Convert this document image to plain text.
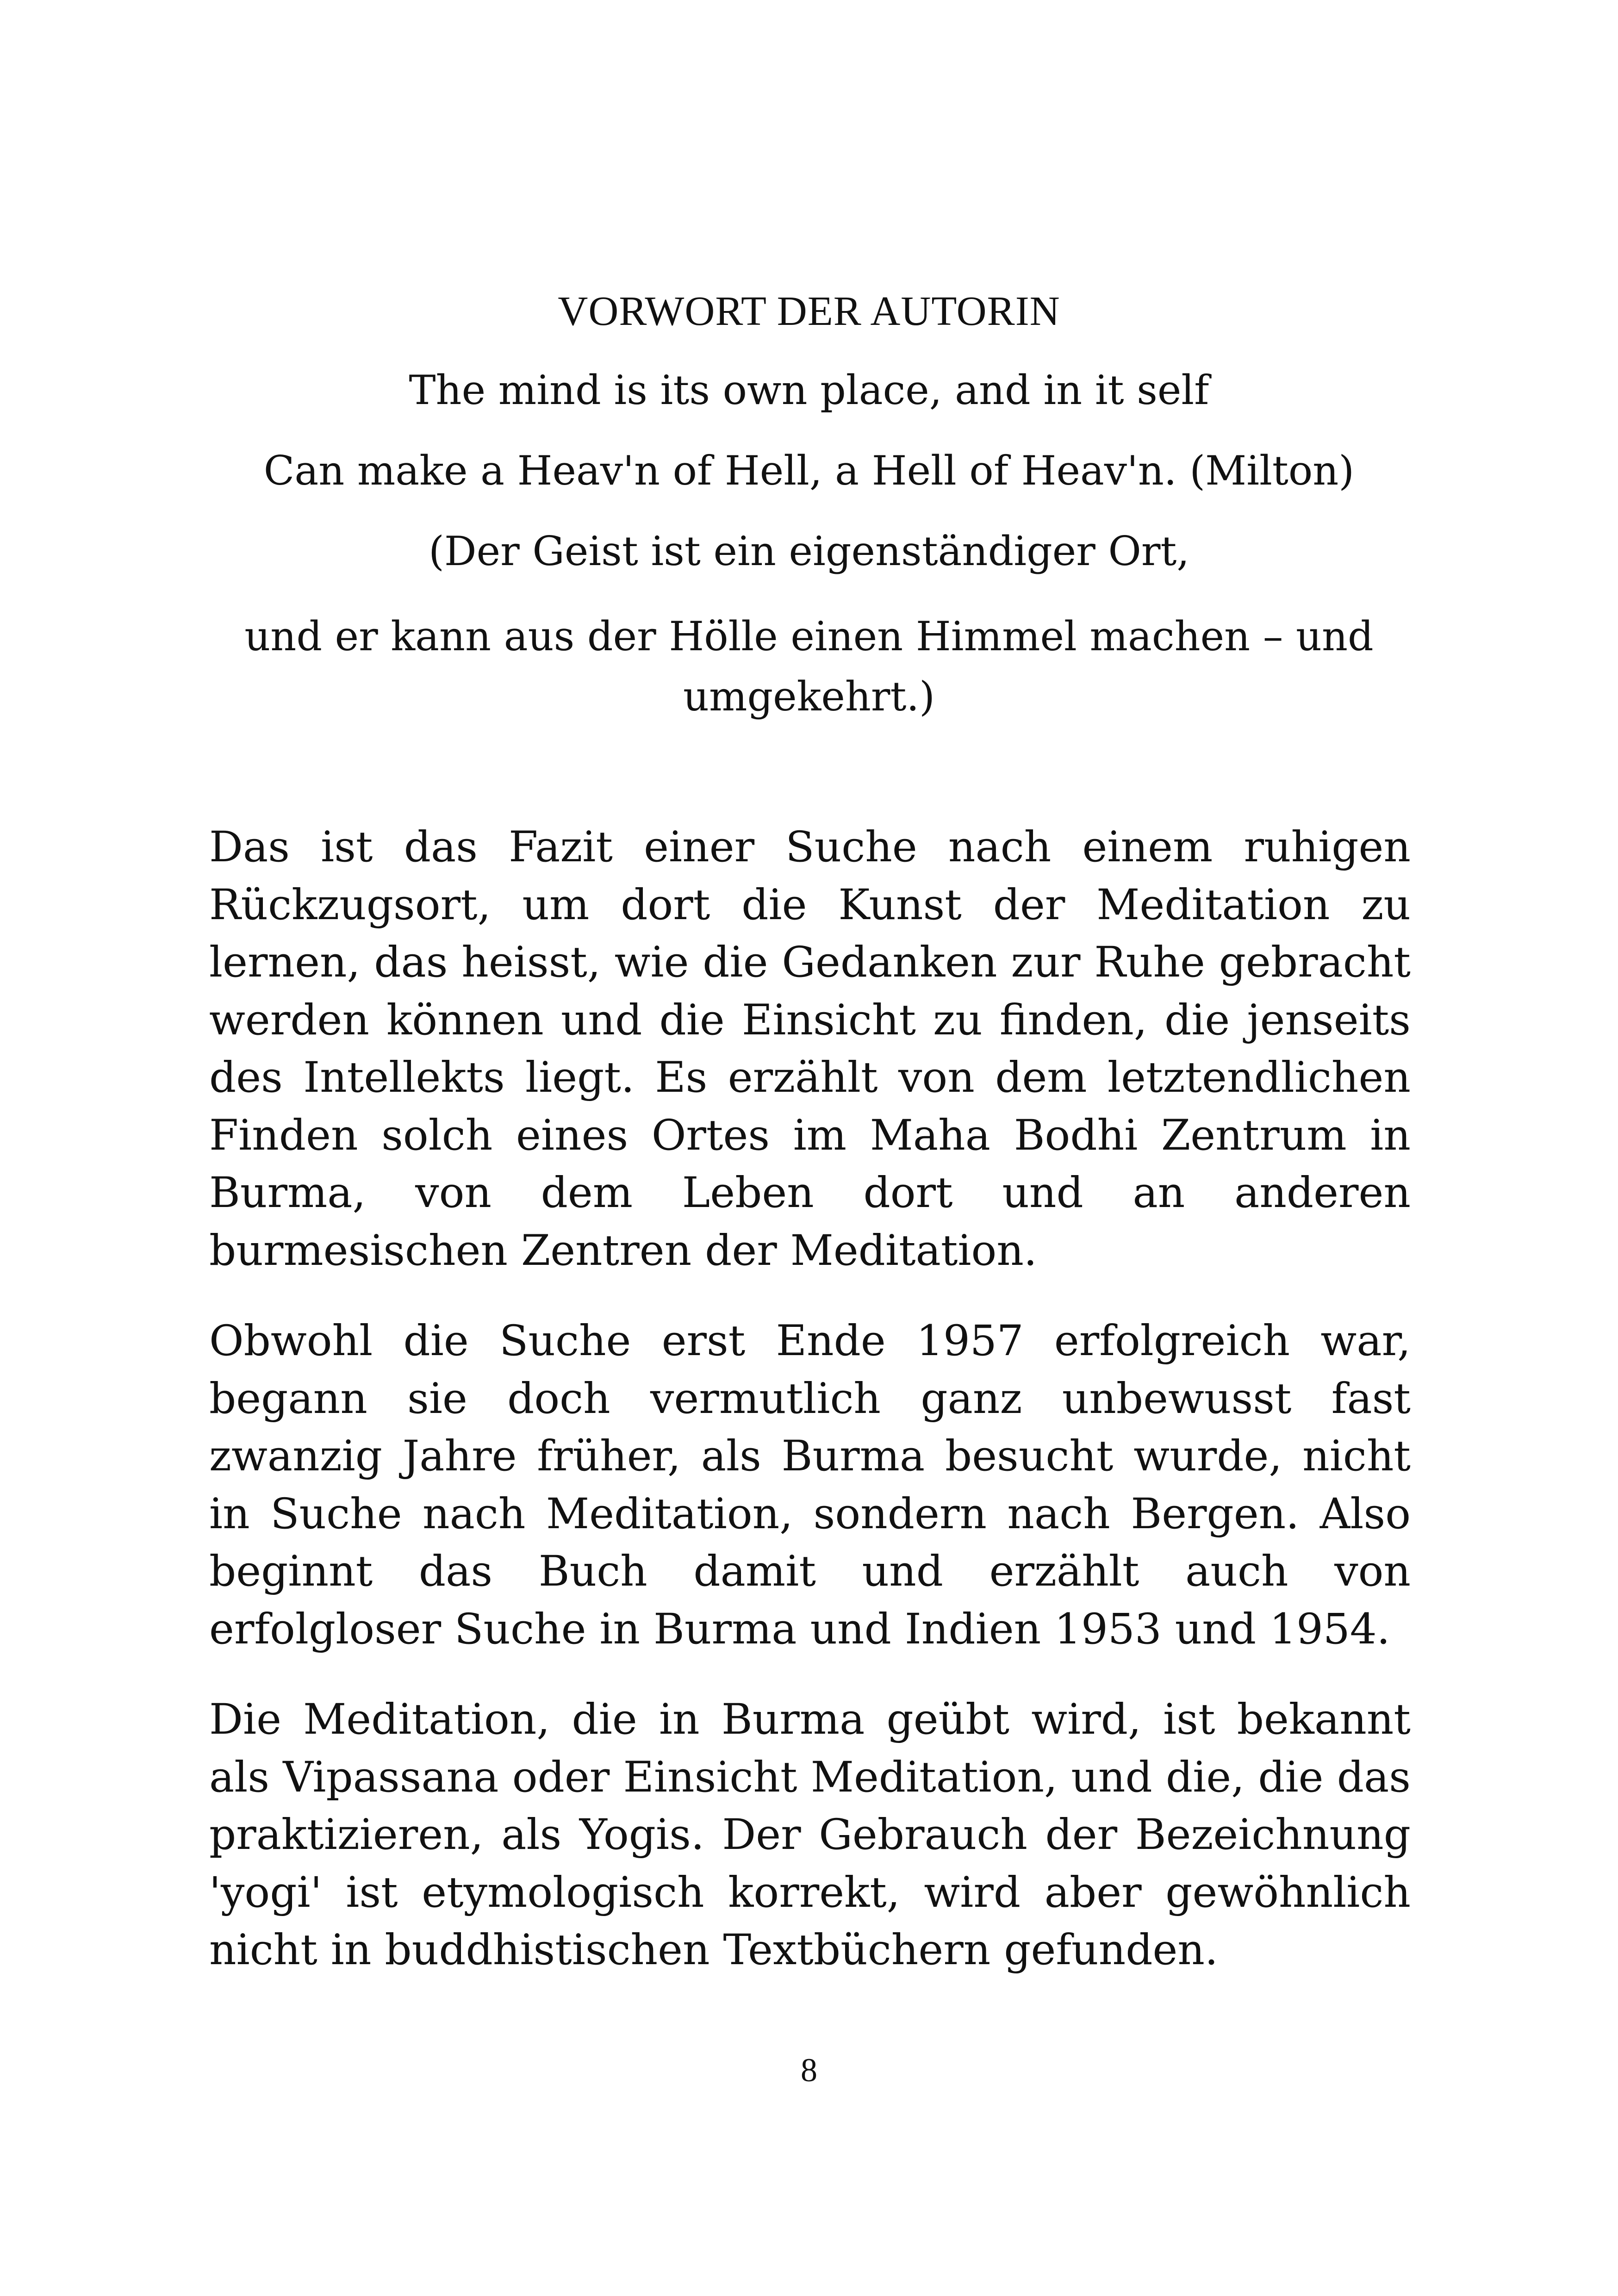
VORWORT DER AUTORIN
The mind is its own place, and in it self
Can make a Heav'n of Hell, a Hell of Heav'n. (Milton)
(Der Geist ist ein eigenständiger Ort,
und er kann aus der Hölle einen Himmel machen – und umgekehrt.)

Das ist das Fazit einer Suche nach einem ruhigen Rückzugsort, um dort die Kunst der Meditation zu lernen, das heisst, wie die Gedanken zur Ruhe gebracht werden können und die Einsicht zu finden, die jenseits des Intellekts liegt. Es erzählt von dem letztendlichen Finden solch eines Ortes im Maha Bodhi Zentrum in Burma, von dem Leben dort und an anderen burmesischen Zentren der Meditation.

Obwohl die Suche erst Ende 1957 erfolgreich war, begann sie doch vermutlich ganz unbewusst fast zwanzig Jahre früher, als Burma besucht wurde, nicht in Suche nach Meditation, sondern nach Bergen. Also beginnt das Buch damit und erzählt auch von erfolgloser Suche in Burma und Indien 1953 und 1954.

Die Meditation, die in Burma geübt wird, ist bekannt als Vipassana oder Einsicht Meditation, und die, die das praktizieren, als Yogis. Der Gebrauch der Bezeichnung 'yogi' ist etymologisch korrekt, wird aber gewöhnlich nicht in buddhistischen Textbüchern gefunden.

8
